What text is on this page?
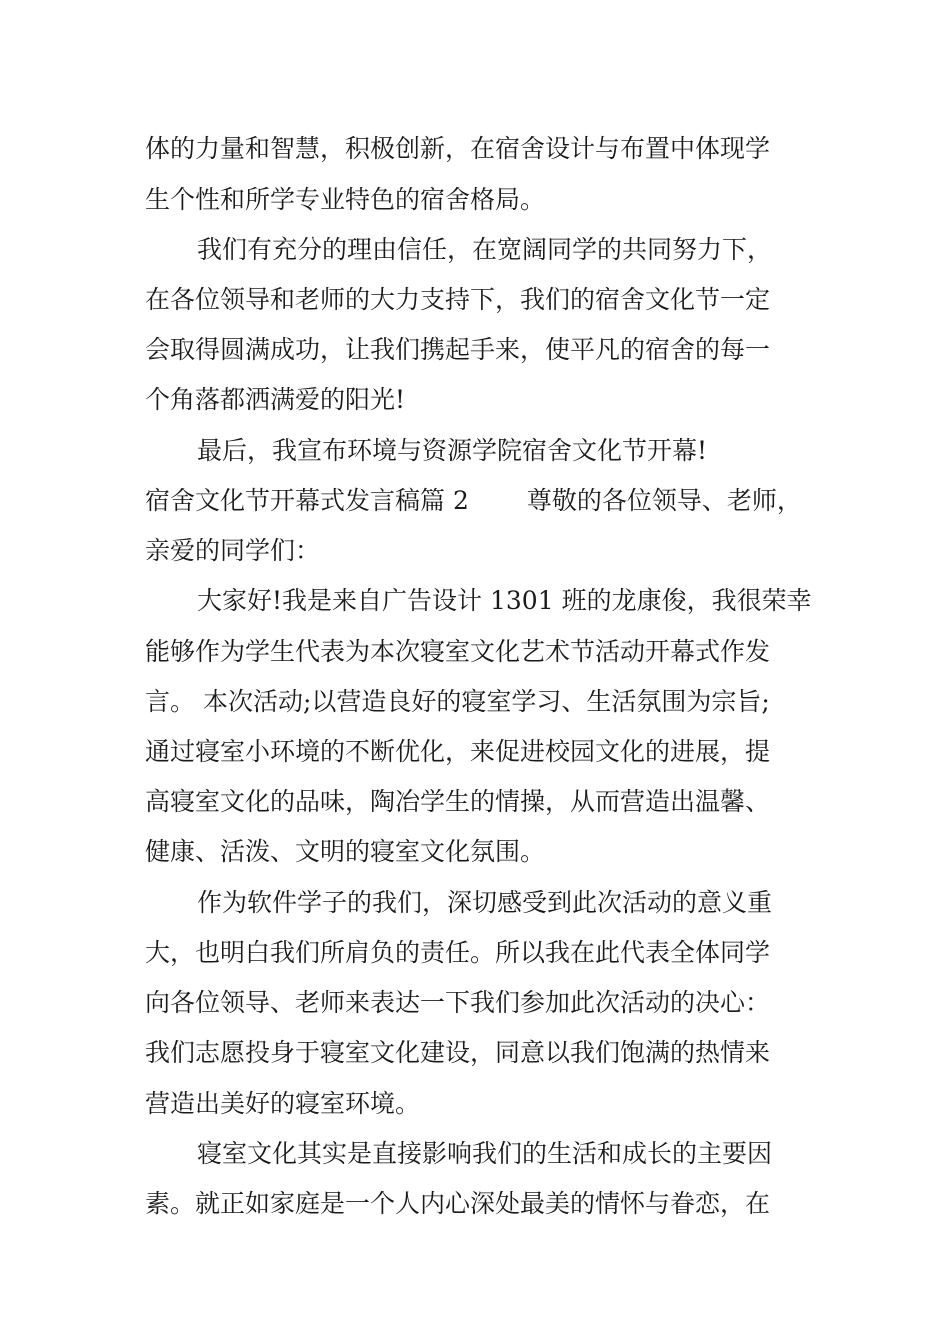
体的力量和智慧，积极创新，在宿舍设计与布置中体现学
生个性和所学专业特色的宿舍格局。
我们有充分的理由信任，在宽阔同学的共同努力下，
在各位领导和老师的大力支持下，我们的宿舍文化节一定
会取得圆满成功，让我们携起手来，使平凡的宿舍的每一
个角落都洒满爱的阳光!
最后，我宣布环境与资源学院宿舍文化节开幕!
宿舍文化节开幕式发言稿篇 2 尊敬的各位领导、老师，
亲爱的同学们：
大家好!我是来自广告设计 1301 班的龙康俊，我很荣幸
能够作为学生代表为本次寝室文化艺术节活动开幕式作发
言。 本次活动;以营造良好的寝室学习、生活氛围为宗旨;
通过寝室小环境的不断优化，来促进校园文化的进展，提
高寝室文化的品味，陶冶学生的情操，从而营造出温馨、
健康、活泼、文明的寝室文化氛围。
作为软件学子的我们，深切感受到此次活动的意义重
大，也明白我们所肩负的责任。所以我在此代表全体同学
向各位领导、老师来表达一下我们参加此次活动的决心：
我们志愿投身于寝室文化建设，同意以我们饱满的热情来
营造出美好的寝室环境。
寝室文化其实是直接影响我们的生活和成长的主要因
素。就正如家庭是一个人内心深处最美的情怀与眷恋，在
